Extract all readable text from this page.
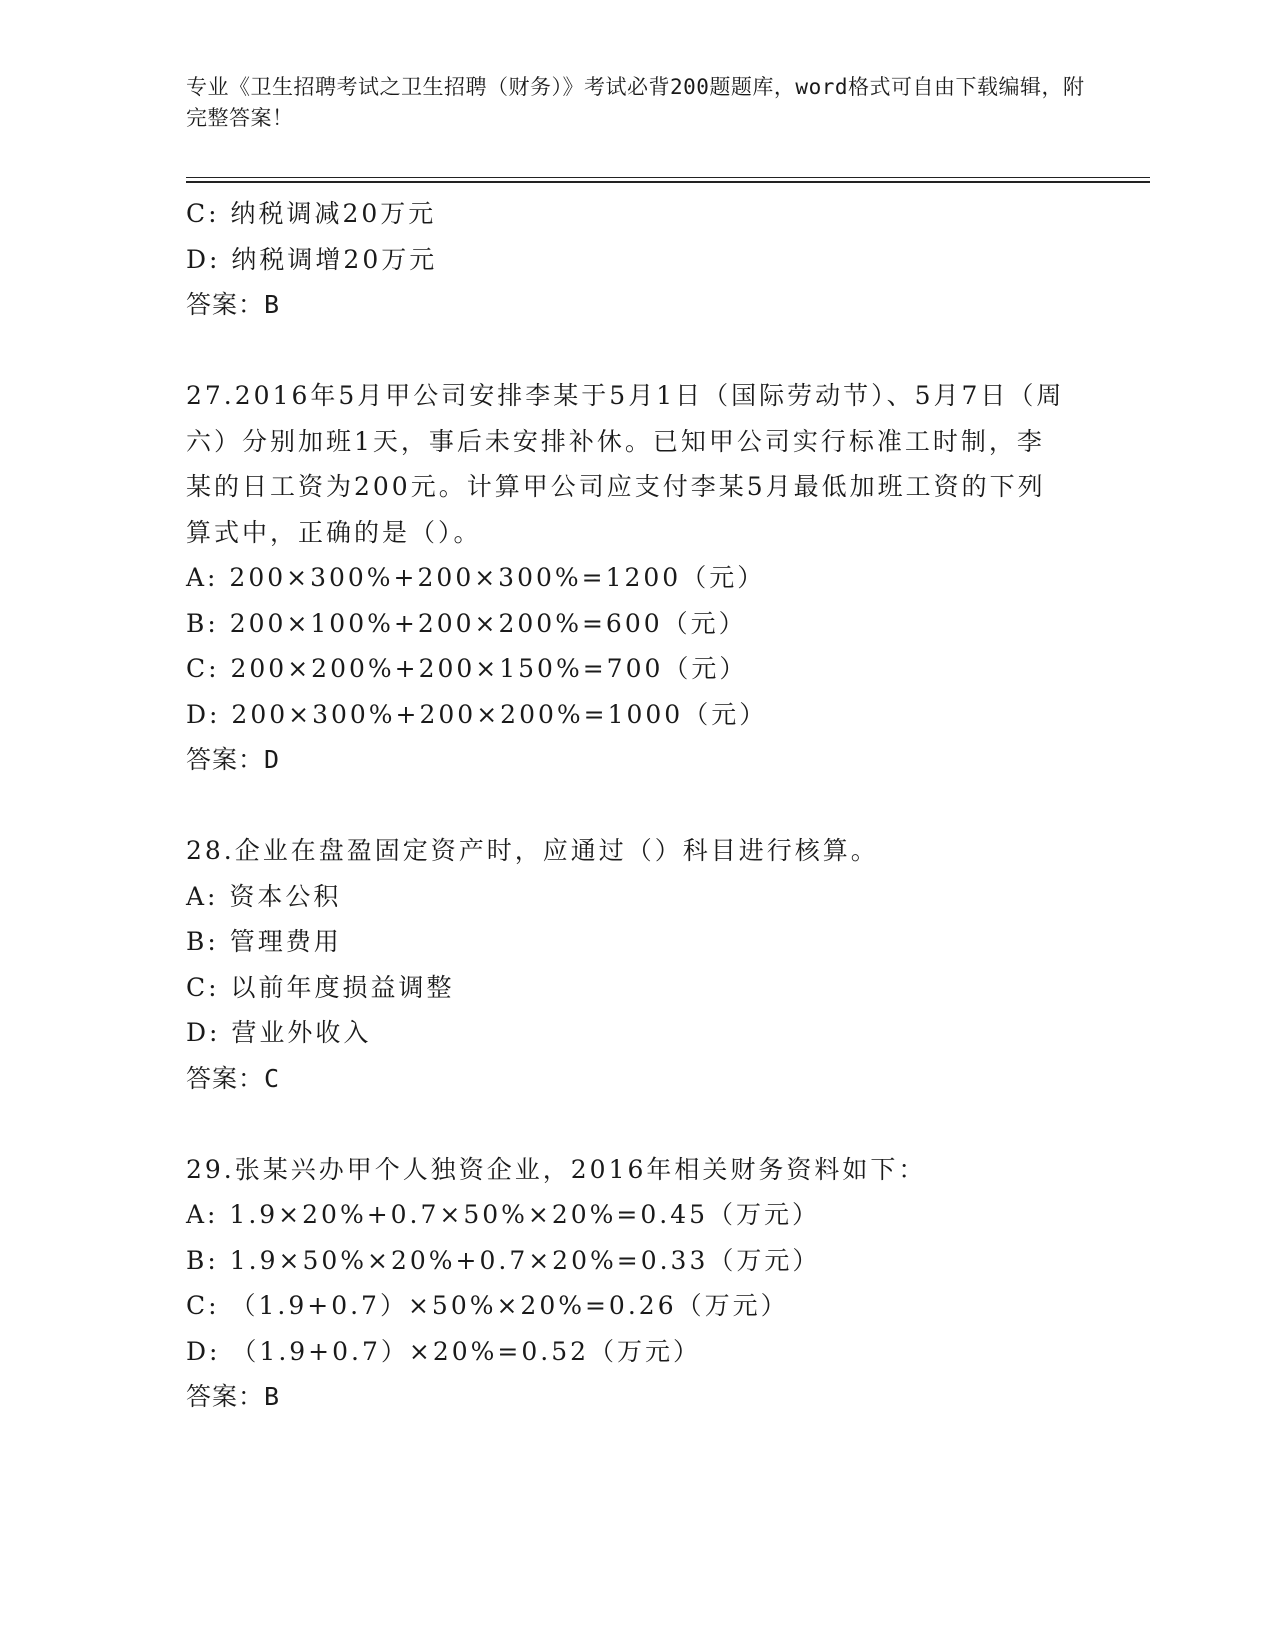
专业《卫生招聘考试之卫生招聘（财务）》考试必背200题题库，word格式可自由下载编辑，附完整答案！
C: 纳税调减20万元
D: 纳税调增20万元
答案：B
27.2016年5月甲公司安排李某于5月1日（国际劳动节）、5月7日（周六）分别加班1天，事后未安排补休。已知甲公司实行标准工时制，李某的日工资为200元。计算甲公司应支付李某5月最低加班工资的下列算式中，正确的是（）。
A: 200×300%+200×300%=1200（元）
B: 200×100%+200×200%=600（元）
C: 200×200%+200×150%=700（元）
D: 200×300%+200×200%=1000（元）
答案：D
28.企业在盘盈固定资产时，应通过（）科目进行核算。
A: 资本公积
B: 管理费用
C: 以前年度损益调整
D: 营业外收入
答案：C
29.张某兴办甲个人独资企业，2016年相关财务资料如下：
A: 1.9×20%+0.7×50%×20%=0.45（万元）
B: 1.9×50%×20%+0.7×20%=0.33（万元）
C: （1.9+0.7）×50%×20%=0.26（万元）
D: （1.9+0.7）×20%=0.52（万元）
答案：B
